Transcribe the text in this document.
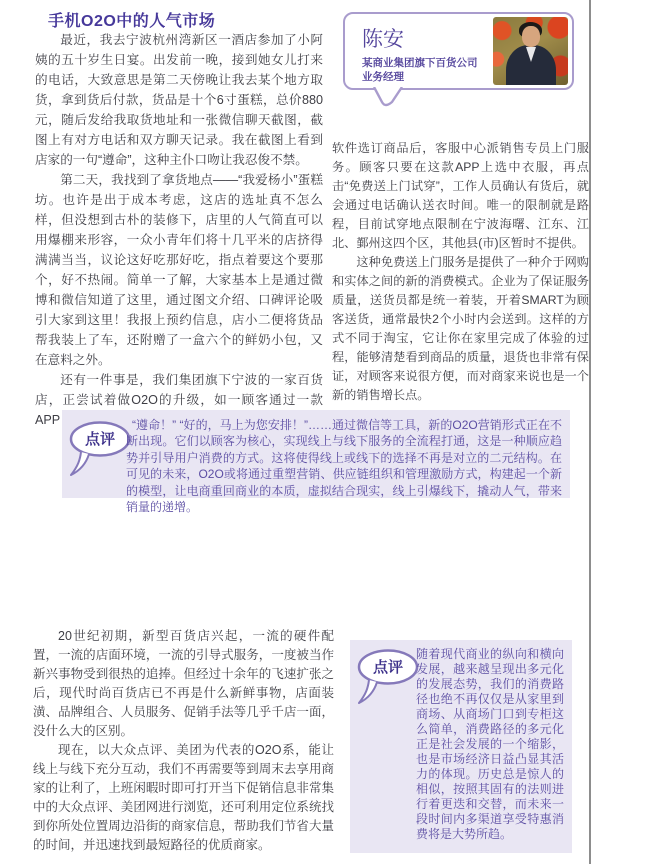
手机O2O中的人气市场

最近，我去宁波杭州湾新区一酒店参加了小阿姨的五十岁生日宴。出发前一晚，接到她女儿打来的电话，大致意思是第二天傍晚让我去某个地方取货，拿到货后付款，货品是十个6寸蛋糕，总价880元，随后发给我取货地址和一张微信聊天截图，截图上有对方电话和双方聊天记录。我在截图上看到店家的一句“遵命”，这种主仆口吻让我忍俊不禁。

第二天，我找到了拿货地点——“我爱杨小”蛋糕坊。也许是出于成本考虑，这店的选址真不怎么样，但没想到古朴的装修下，店里的人气简直可以用爆棚来形容，一众小青年们将十几平米的店挤得满满当当，议论这好吃那好吃，指点着要这个要那个，好不热闹。简单一了解，大家基本上是通过微博和微信知道了这里，通过图文介绍、口碑评论吸引大家到这里！我报上预约信息，店小二便将货品帮我装上了车，还附赠了一盒六个的鲜奶小包，又在意料之外。

还有一件事是，我们集团旗下宁波的一家百货店，正尝试着做O2O的升级，如一顾客通过一款APP

陈安
某商业集团旗下百货公司
业务经理

软件选订商品后，客服中心派销售专员上门服务。顾客只要在这款APP上选中衣服，再点击“免费送上门试穿”，工作人员确认有货后，就会通过电话确认送衣时间。唯一的限制就是路程，目前试穿地点限制在宁波海曙、江东、江北、鄞州这四个区，其他县(市)区暂时不提供。

这种免费送上门服务是提供了一种介于网购和实体之间的新的消费模式。企业为了保证服务质量，送货员都是统一着装，开着SMART为顾客送货，通常最快2个小时内会送到。这样的方式不同于淘宝，它让你在家里完成了体验的过程，能够清楚看到商品的质量，退货也非常有保证，对顾客来说很方便，而对商家来说也是一个新的销售增长点。

点评

“遵命！” “好的，马上为您安排！”……通过微信等工具，新的O2O营销形式正在不断出现。它们以顾客为核心，实现线上与线下服务的全流程打通，这是一种顺应趋势并引导用户消费的方式。这将使得线上或线下的选择不再是对立的二元结构。在可见的未来，O2O或将通过重塑营销、供应链组织和管理激励方式，构建起一个新的模型，让电商重回商业的本质，虚拟结合现实，线上引爆线下，撬动人气，带来销量的递增。

20世纪初期，新型百货店兴起，一流的硬件配置，一流的店面环境，一流的引导式服务，一度被当作新兴事物受到很热的追捧。但经过十余年的飞速扩张之后，现代时尚百货店已不再是什么新鲜事物，店面装潢、品牌组合、人员服务、促销手法等几乎千店一面，没什么大的区别。

现在，以大众点评、美团为代表的O2O系，能让线上与线下充分互动，我们不再需要等到周末去享用商家的让利了，上班闲暇时即可打开当下促销信息非常集中的大众点评、美团网进行浏览，还可利用定位系统找到你所处位置周边沿街的商家信息，帮助我们节省大量的时间，并迅速找到最短路径的优质商家。

点评

随着现代商业的纵向和横向发展，越来越呈现出多元化的发展态势，我们的消费路径也绝不再仅仅是从家里到商场、从商场门口到专柜这么简单，消费路径的多元化正是社会发展的一个缩影，也是市场经济日益凸显其活力的体现。历史总是惊人的相似，按照其固有的法则进行着更迭和交替，而未来一段时间内多渠道享受特惠消费将是大势所趋。
